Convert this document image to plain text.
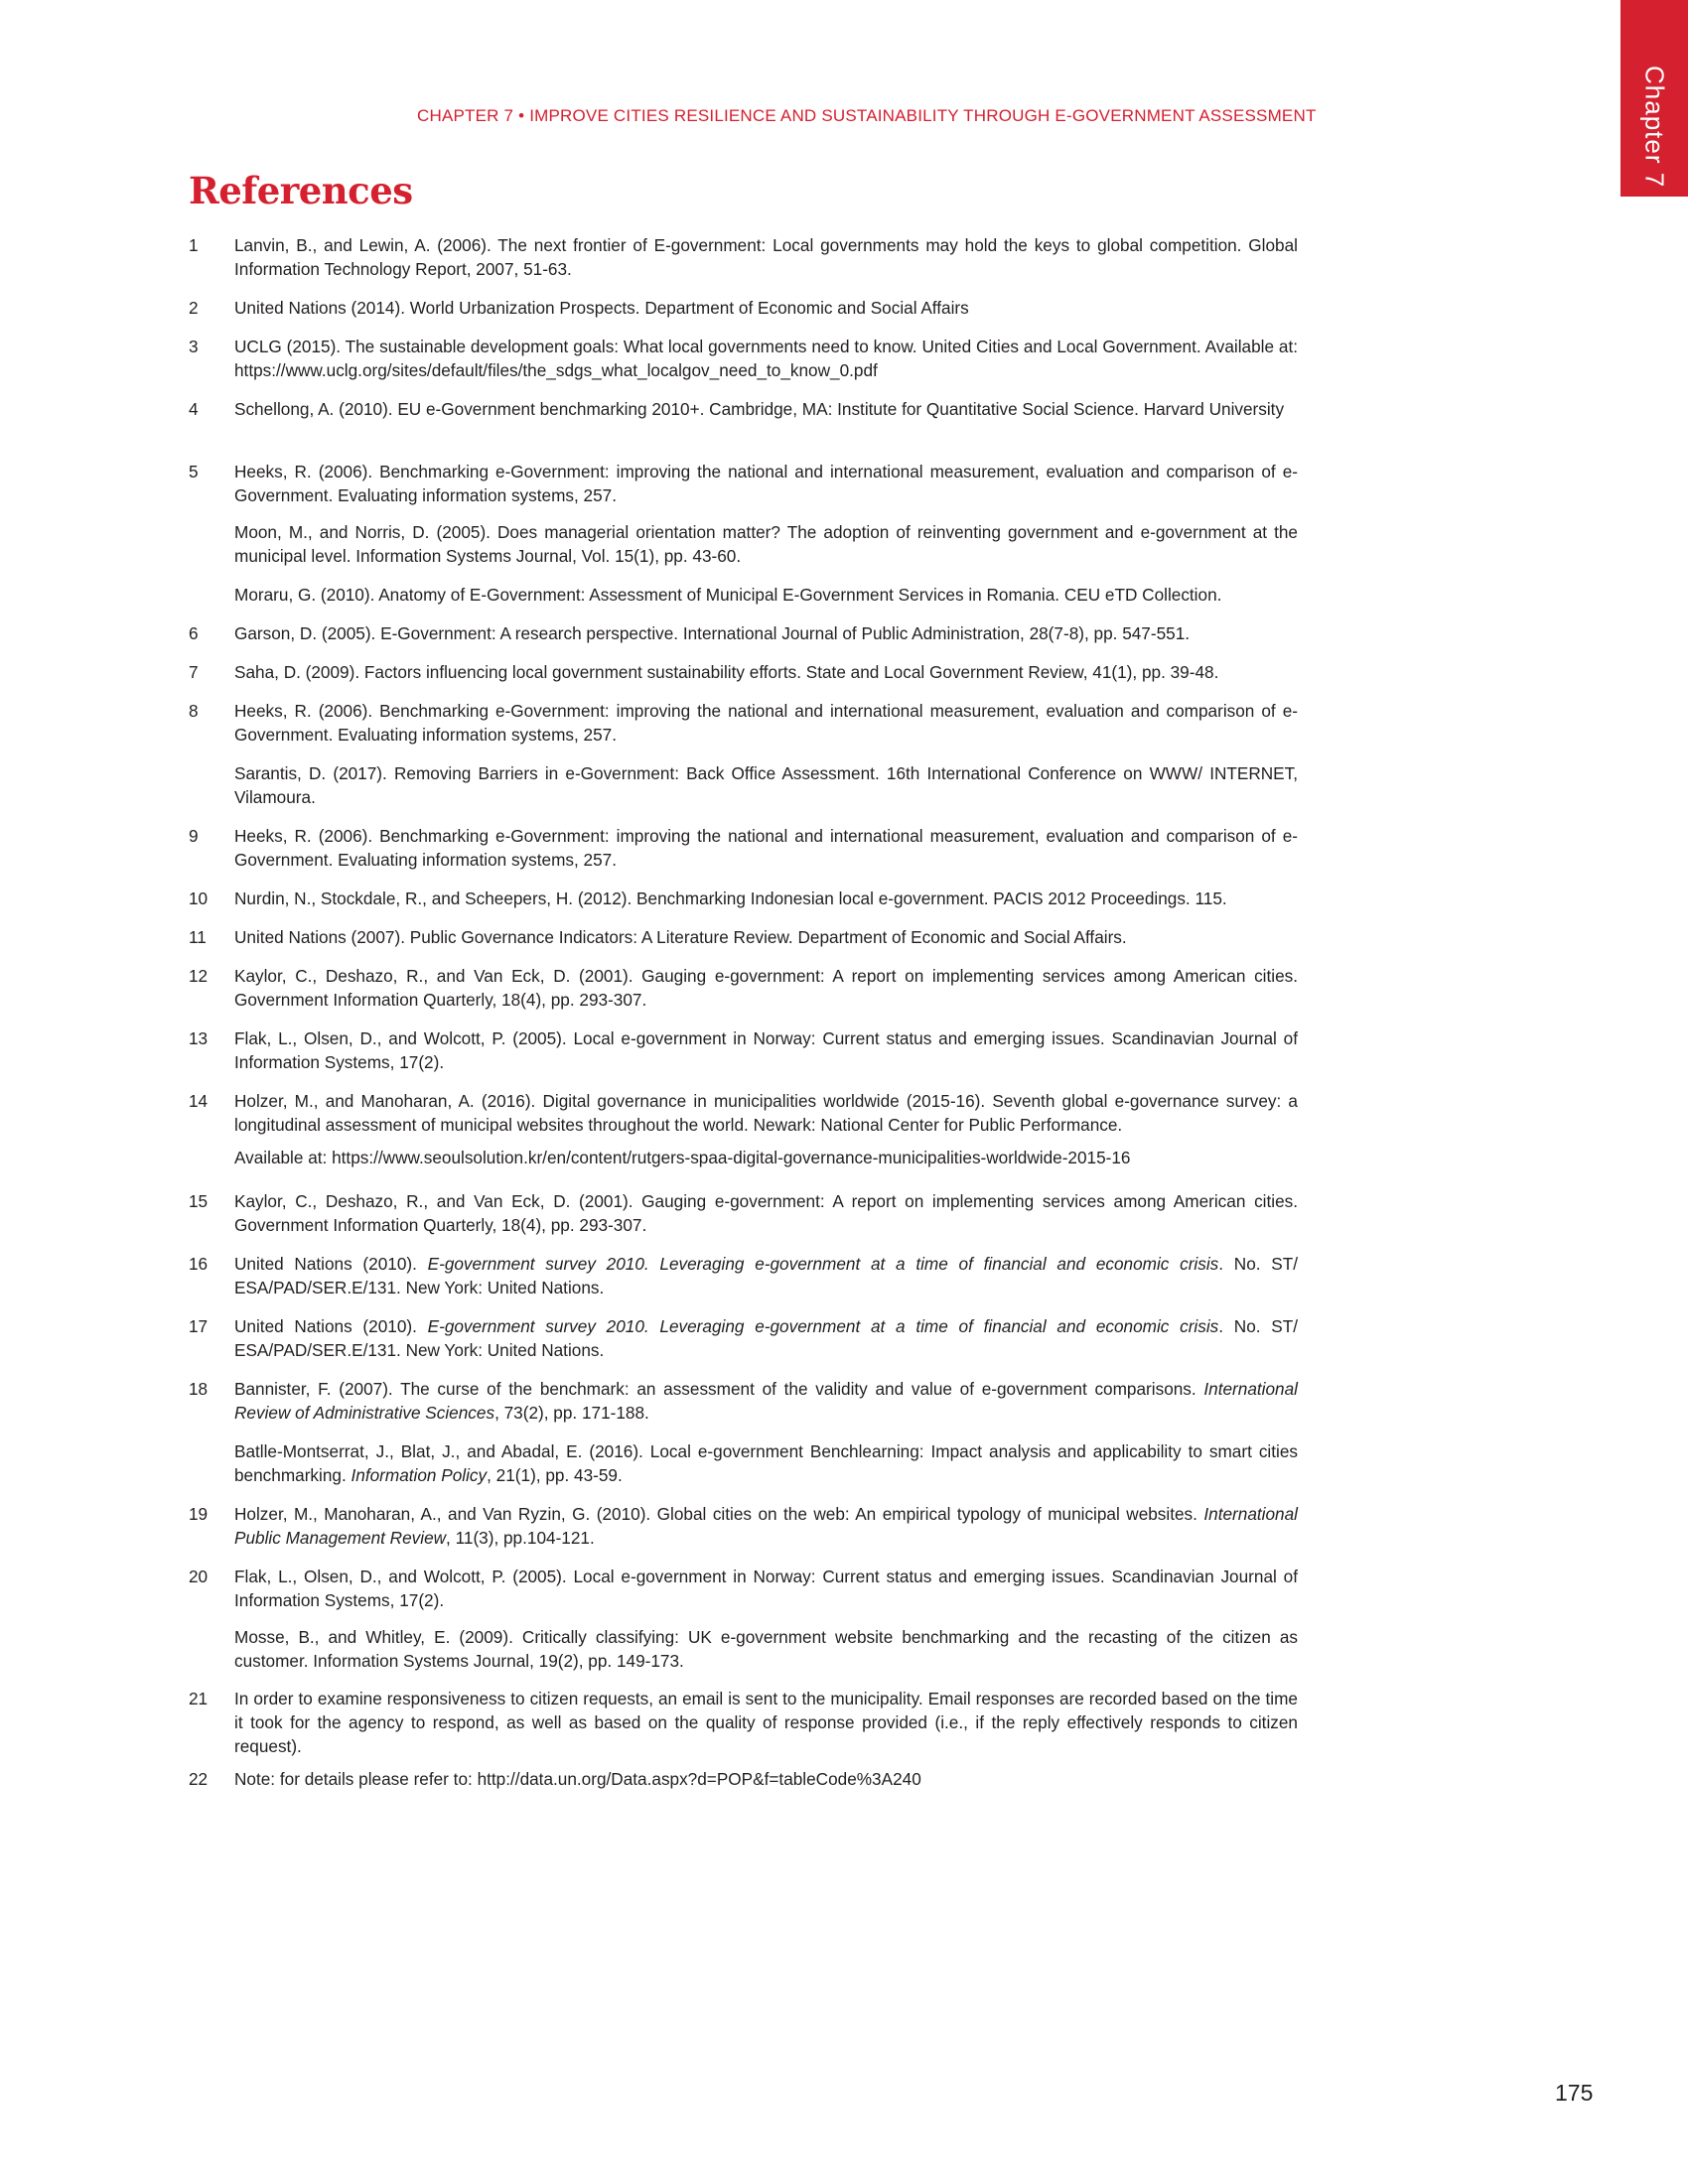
Chapter 7
CHAPTER 7 • IMPROVE CITIES RESILIENCE AND SUSTAINABILITY THROUGH E-GOVERNMENT ASSESSMENT
References
1	Lanvin, B., and Lewin, A. (2006). The next frontier of E-government: Local governments may hold the keys to global competition. Global Information Technology Report, 2007, 51-63.
2	United Nations (2014). World Urbanization Prospects. Department of Economic and Social Affairs
3	UCLG (2015). The sustainable development goals: What local governments need to know. United Cities and Local Government. Available at: https://www.uclg.org/sites/default/files/the_sdgs_what_localgov_need_to_know_0.pdf
4	Schellong, A. (2010). EU e-Government benchmarking 2010+. Cambridge, MA: Institute for Quantitative Social Science. Harvard University
5	Heeks, R. (2006). Benchmarking e-Government: improving the national and international measurement, evaluation and comparison of e-Government. Evaluating information systems, 257.
Moon, M., and Norris, D. (2005). Does managerial orientation matter? The adoption of reinventing government and e-government at the municipal level. Information Systems Journal, Vol. 15(1), pp. 43-60.
Moraru, G. (2010). Anatomy of E-Government: Assessment of Municipal E-Government Services in Romania. CEU eTD Collection.
6	Garson, D. (2005). E-Government: A research perspective. International Journal of Public Administration, 28(7-8), pp. 547-551.
7	Saha, D. (2009). Factors influencing local government sustainability efforts. State and Local Government Review, 41(1), pp. 39-48.
8	Heeks, R. (2006). Benchmarking e-Government: improving the national and international measurement, evaluation and comparison of e-Government. Evaluating information systems, 257.
Sarantis, D. (2017). Removing Barriers in e-Government: Back Office Assessment. 16th International Conference on WWW/ INTERNET, Vilamoura.
9	Heeks, R. (2006). Benchmarking e-Government: improving the national and international measurement, evaluation and comparison of e-Government. Evaluating information systems, 257.
10	Nurdin, N., Stockdale, R., and Scheepers, H. (2012). Benchmarking Indonesian local e-government. PACIS 2012 Proceedings. 115.
11	United Nations (2007). Public Governance Indicators: A Literature Review. Department of Economic and Social Affairs.
12	Kaylor, C., Deshazo, R., and Van Eck, D. (2001). Gauging e-government: A report on implementing services among American cities. Government Information Quarterly, 18(4), pp. 293-307.
13	Flak, L., Olsen, D., and Wolcott, P. (2005). Local e-government in Norway: Current status and emerging issues. Scandinavian Journal of Information Systems, 17(2).
14	Holzer, M., and Manoharan, A. (2016). Digital governance in municipalities worldwide (2015-16). Seventh global e-governance survey: a longitudinal assessment of municipal websites throughout the world. Newark: National Center for Public Performance.
Available at: https://www.seoulsolution.kr/en/content/rutgers-spaa-digital-governance-municipalities-worldwide-2015-16
15	Kaylor, C., Deshazo, R., and Van Eck, D. (2001). Gauging e-government: A report on implementing services among American cities. Government Information Quarterly, 18(4), pp. 293-307.
16	United Nations (2010). E-government survey 2010. Leveraging e-government at a time of financial and economic crisis. No. ST/ ESA/PAD/SER.E/131. New York: United Nations.
17	United Nations (2010). E-government survey 2010. Leveraging e-government at a time of financial and economic crisis. No. ST/ ESA/PAD/SER.E/131. New York: United Nations.
18	Bannister, F. (2007). The curse of the benchmark: an assessment of the validity and value of e-government comparisons. International Review of Administrative Sciences, 73(2), pp. 171-188.
Batlle-Montserrat, J., Blat, J., and Abadal, E. (2016). Local e-government Benchlearning: Impact analysis and applicability to smart cities benchmarking. Information Policy, 21(1), pp. 43-59.
19	Holzer, M., Manoharan, A., and Van Ryzin, G. (2010). Global cities on the web: An empirical typology of municipal websites. International Public Management Review, 11(3), pp.104-121.
20	Flak, L., Olsen, D., and Wolcott, P. (2005). Local e-government in Norway: Current status and emerging issues. Scandinavian Journal of Information Systems, 17(2).
Mosse, B., and Whitley, E. (2009). Critically classifying: UK e-government website benchmarking and the recasting of the citizen as customer. Information Systems Journal, 19(2), pp. 149-173.
21	In order to examine responsiveness to citizen requests, an email is sent to the municipality. Email responses are recorded based on the time it took for the agency to respond, as well as based on the quality of response provided (i.e., if the reply effectively responds to citizen request).
22	Note: for details please refer to: http://data.un.org/Data.aspx?d=POP&f=tableCode%3A240
175
